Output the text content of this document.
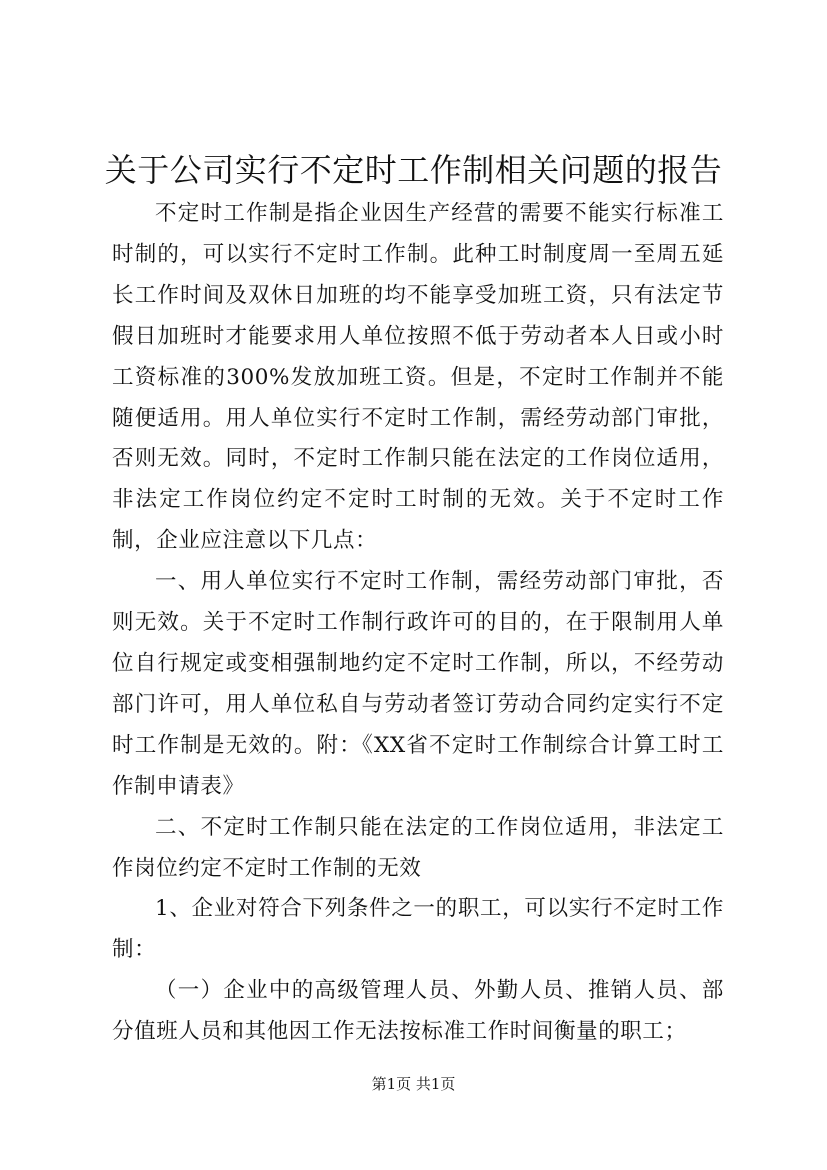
关于公司实行不定时工作制相关问题的报告

不定时工作制是指企业因生产经营的需要不能实行标准工时制的，可以实行不定时工作制。此种工时制度周一至周五延长工作时间及双休日加班的均不能享受加班工资，只有法定节假日加班时才能要求用人单位按照不低于劳动者本人日或小时工资标准的300%发放加班工资。但是，不定时工作制并不能随便适用。用人单位实行不定时工作制，需经劳动部门审批，否则无效。同时，不定时工作制只能在法定的工作岗位适用，非法定工作岗位约定不定时工时制的无效。关于不定时工作制，企业应注意以下几点：

一、用人单位实行不定时工作制，需经劳动部门审批，否则无效。关于不定时工作制行政许可的目的，在于限制用人单位自行规定或变相强制地约定不定时工作制，所以，不经劳动部门许可，用人单位私自与劳动者签订劳动合同约定实行不定时工作制是无效的。附：《XX省不定时工作制综合计算工时工作制申请表》

二、不定时工作制只能在法定的工作岗位适用，非法定工作岗位约定不定时工作制的无效

1、企业对符合下列条件之一的职工，可以实行不定时工作制：

（一）企业中的高级管理人员、外勤人员、推销人员、部分值班人员和其他因工作无法按标准工作时间衡量的职工；

第1页 共1页
